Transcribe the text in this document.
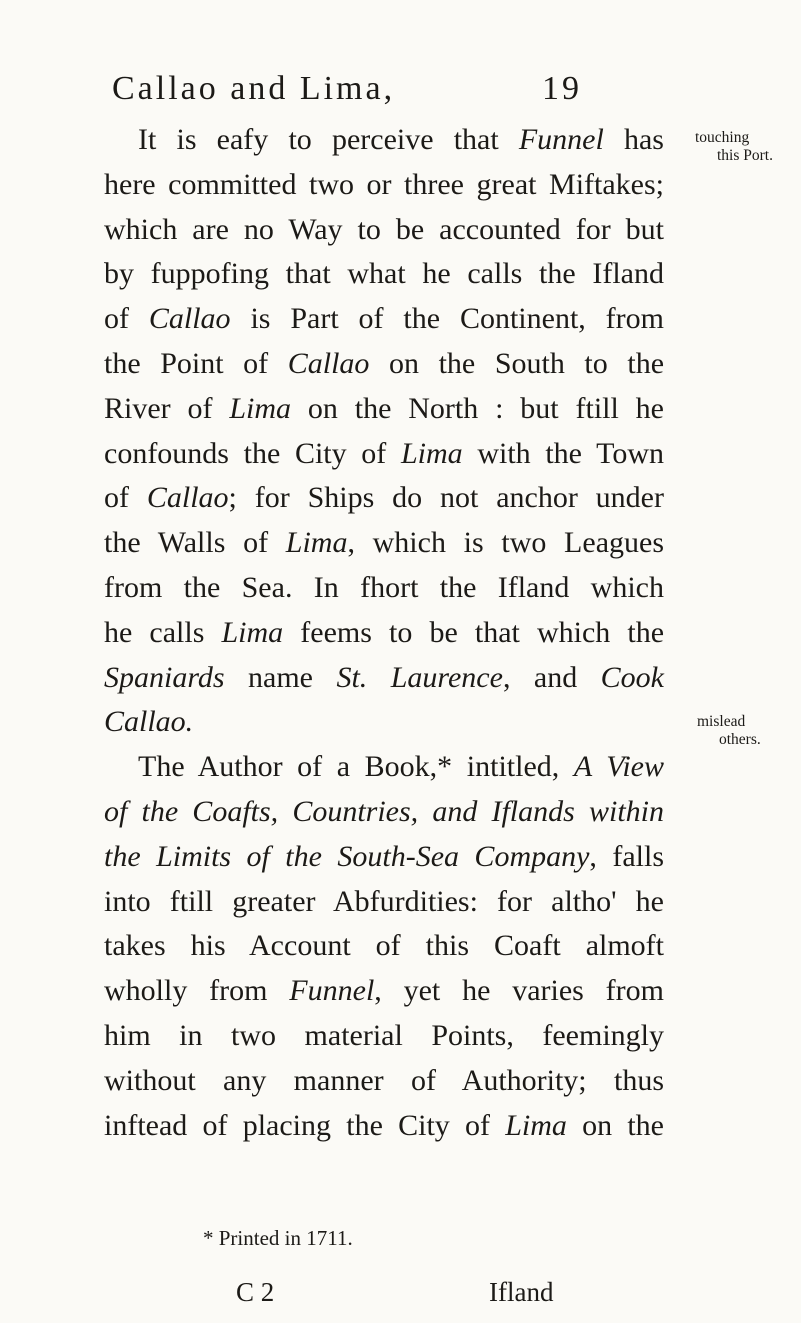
Callao and Lima,	19
It is eafy to perceive that Funnel has
here committed two or three great Miftakes;
which are no Way to be accounted for but
by fuppofing that what he calls the Ifland
of Callao is Part of the Continent, from
the Point of Callao on the South to the
River of Lima on the North : but ftill he
confounds the City of Lima with the Town
of Callao; for Ships do not anchor under
the Walls of Lima, which is two Leagues
from the Sea. In fhort the Ifland which
he calls Lima feems to be that which the
Spaniards name St. Laurence, and Cook
Callao.
The Author of a Book,* intitled, A View
of the Coafts, Countries, and Iflands within
the Limits of the South-Sea Company, falls
into ftill greater Abfurdities: for altho' he
takes his Account of this Coaft almoft
wholly from Funnel, yet he varies from
him in two material Points, feemingly
without any manner of Authority; thus
inftead of placing the City of Lima on the
touching
this Port.
mislead
others.
* Printed in 1711.
C 2	Ifland
